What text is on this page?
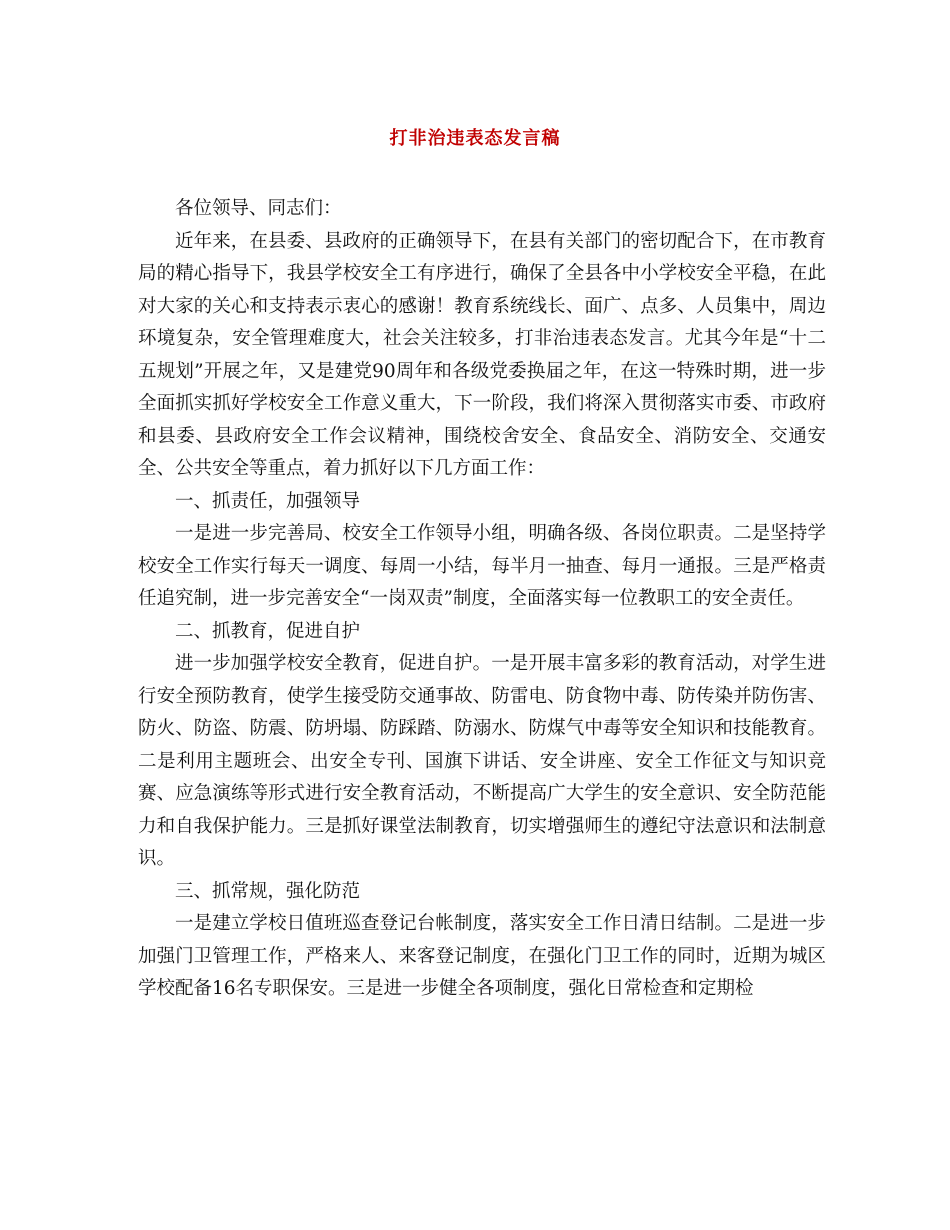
打非治违表态发言稿

各位领导、同志们：

近年来，在县委、县政府的正确领导下，在县有关部门的密切配合下，在市教育局的精心指导下，我县学校安全工有序进行，确保了全县各中小学校安全平稳，在此对大家的关心和支持表示衷心的感谢！教育系统线长、面广、点多、人员集中，周边环境复杂，安全管理难度大，社会关注较多，打非治违表态发言。尤其今年是“十二五规划”开展之年，又是建党90周年和各级党委换届之年，在这一特殊时期，进一步全面抓实抓好学校安全工作意义重大，下一阶段，我们将深入贯彻落实市委、市政府和县委、县政府安全工作会议精神，围绕校舍安全、食品安全、消防安全、交通安全、公共安全等重点，着力抓好以下几方面工作：

一、抓责任，加强领导

一是进一步完善局、校安全工作领导小组，明确各级、各岗位职责。二是坚持学校安全工作实行每天一调度、每周一小结，每半月一抽查、每月一通报。三是严格责任追究制，进一步完善安全“一岗双责”制度，全面落实每一位教职工的安全责任。

二、抓教育，促进自护

进一步加强学校安全教育，促进自护。一是开展丰富多彩的教育活动，对学生进行安全预防教育，使学生接受防交通事故、防雷电、防食物中毒、防传染并防伤害、防火、防盗、防震、防坍塌、防踩踏、防溺水、防煤气中毒等安全知识和技能教育。二是利用主题班会、出安全专刊、国旗下讲话、安全讲座、安全工作征文与知识竞赛、应急演练等形式进行安全教育活动，不断提高广大学生的安全意识、安全防范能力和自我保护能力。三是抓好课堂法制教育，切实增强师生的遵纪守法意识和法制意识。

三、抓常规，强化防范

一是建立学校日值班巡查登记台帐制度，落实安全工作日清日结制。二是进一步加强门卫管理工作，严格来人、来客登记制度，在强化门卫工作的同时，近期为城区学校配备16名专职保安。三是进一步健全各项制度，强化日常检查和定期检
